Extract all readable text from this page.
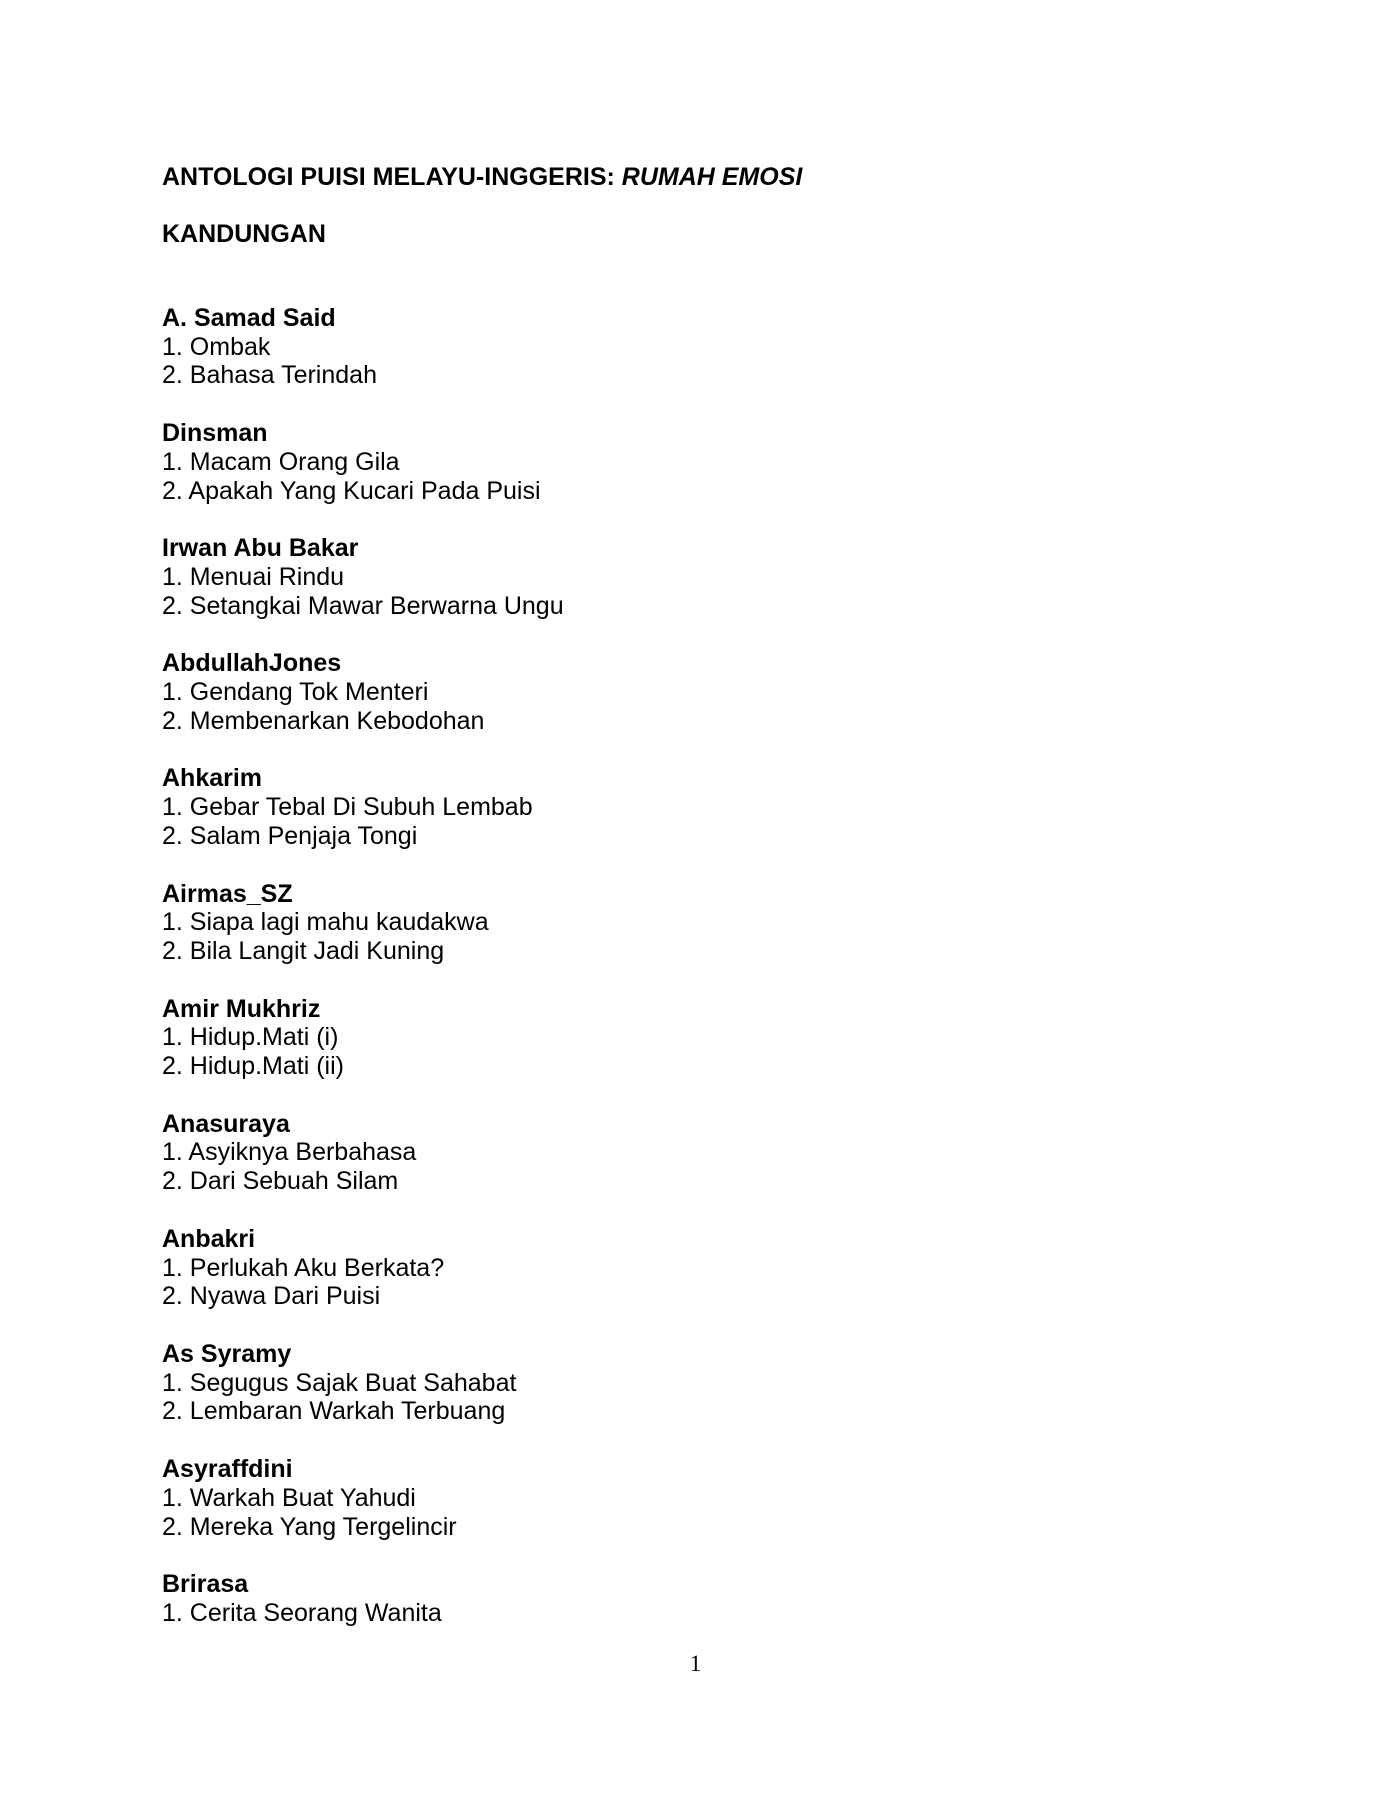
ANTOLOGI PUISI MELAYU-INGGERIS: RUMAH EMOSI
KANDUNGAN
A. Samad Said
1. Ombak
2. Bahasa Terindah
Dinsman
1. Macam Orang Gila
2. Apakah Yang Kucari Pada Puisi
Irwan Abu Bakar
1. Menuai Rindu
2. Setangkai Mawar Berwarna Ungu
AbdullahJones
1. Gendang Tok Menteri
2. Membenarkan Kebodohan
Ahkarim
1. Gebar Tebal Di Subuh Lembab
2. Salam Penjaja Tongi
Airmas_SZ
1. Siapa lagi mahu kaudakwa
2. Bila Langit Jadi Kuning
Amir Mukhriz
1. Hidup.Mati (i)
2. Hidup.Mati (ii)
Anasuraya
1. Asyiknya Berbahasa
2. Dari Sebuah Silam
Anbakri
1. Perlukah Aku Berkata?
2. Nyawa Dari Puisi
As Syramy
1. Segugus Sajak Buat Sahabat
2. Lembaran Warkah Terbuang
Asyraffdini
1. Warkah Buat Yahudi
2. Mereka Yang Tergelincir
Brirasa
1. Cerita Seorang Wanita
1
